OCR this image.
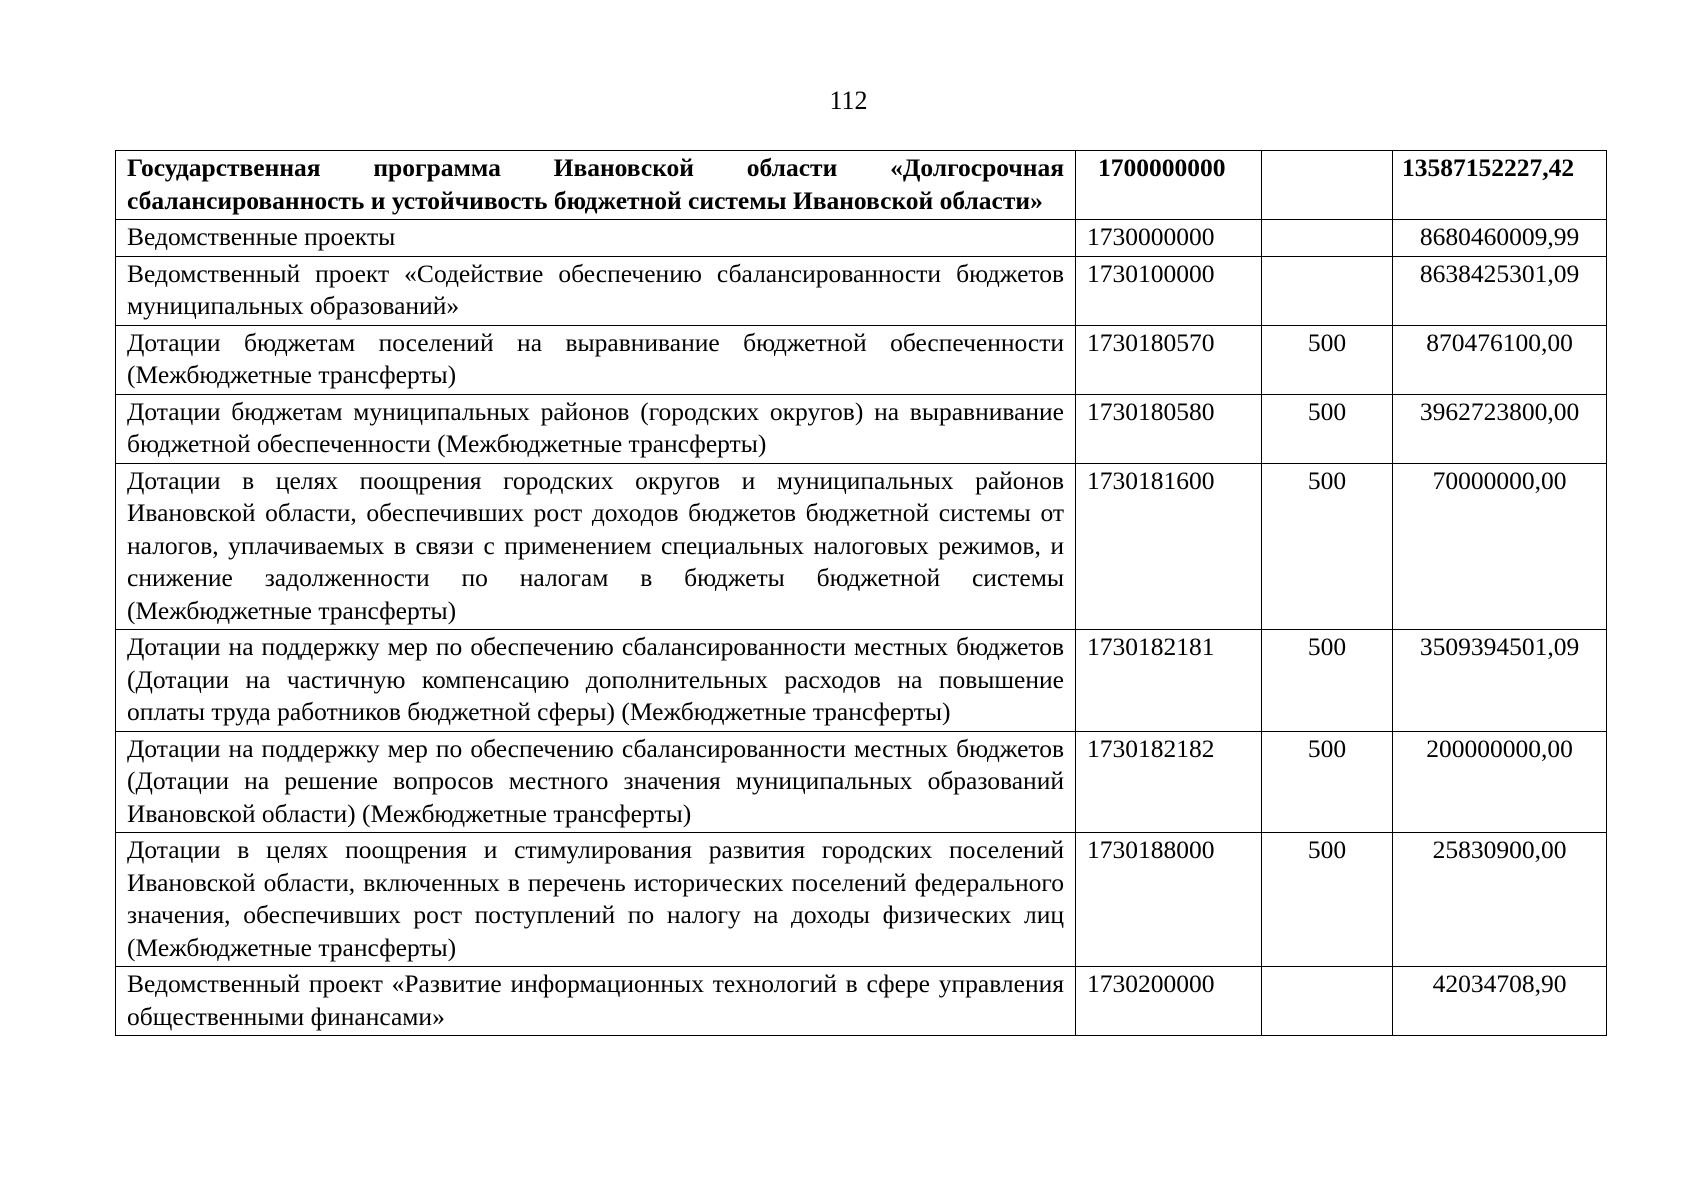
112
Государственная программа Ивановской области «Долгосрочная сбалансированность и устойчивость бюджетной системы Ивановской области»	1700000000		13587152227,42
Ведомственные проекты	1730000000		8680460009,99
Ведомственный проект «Содействие обеспечению сбалансированности бюджетов муниципальных образований»	1730100000		8638425301,09
Дотации бюджетам поселений на выравнивание бюджетной обеспеченности (Межбюджетные трансферты)	1730180570	500	870476100,00
Дотации бюджетам муниципальных районов (городских округов) на выравнивание бюджетной обеспеченности (Межбюджетные трансферты)	1730180580	500	3962723800,00
Дотации в целях поощрения городских округов и муниципальных районов Ивановской области, обеспечивших рост доходов бюджетов бюджетной системы от налогов, уплачиваемых в связи с применением специальных налоговых режимов, и снижение задолженности по налогам в бюджеты бюджетной системы (Межбюджетные трансферты)	1730181600	500	70000000,00
Дотации на поддержку мер по обеспечению сбалансированности местных бюджетов (Дотации на частичную компенсацию дополнительных расходов на повышение оплаты труда работников бюджетной сферы) (Межбюджетные трансферты)	1730182181	500	3509394501,09
Дотации на поддержку мер по обеспечению сбалансированности местных бюджетов (Дотации на решение вопросов местного значения муниципальных образований Ивановской области) (Межбюджетные трансферты)	1730182182	500	200000000,00
Дотации в целях поощрения и стимулирования развития городских поселений Ивановской области, включенных в перечень исторических поселений федерального значения, обеспечивших рост поступлений по налогу на доходы физических лиц (Межбюджетные трансферты)	1730188000	500	25830900,00
Ведомственный проект «Развитие информационных технологий в сфере управления общественными финансами»	1730200000		42034708,90
